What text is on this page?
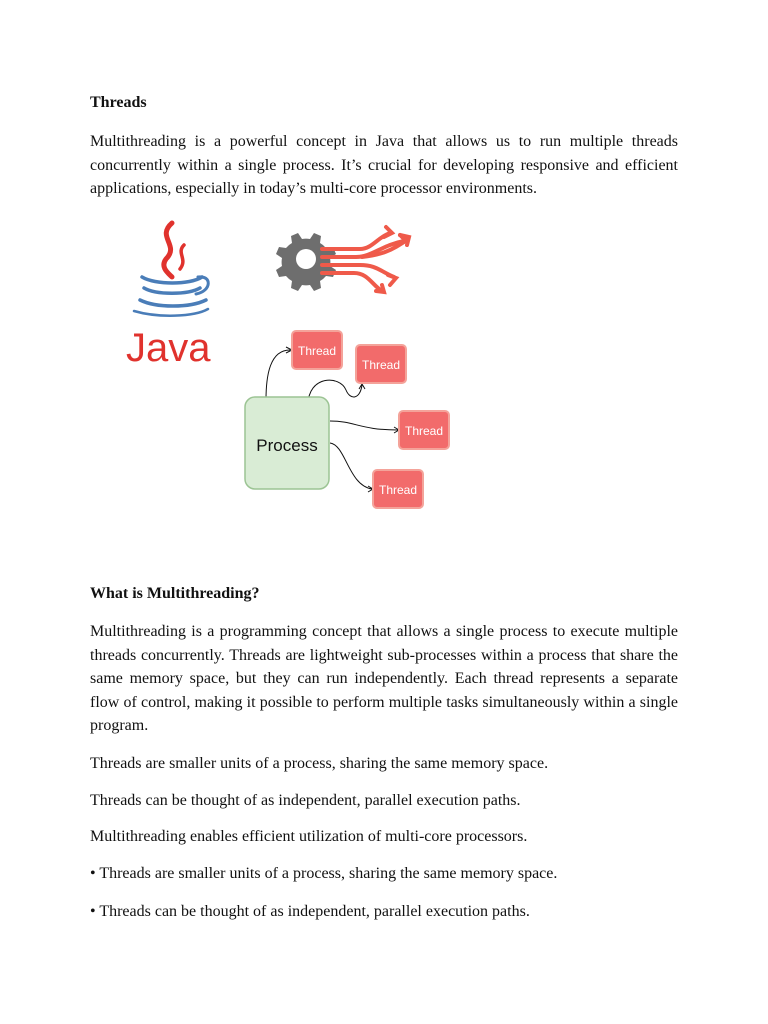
Threads

Multithreading is a powerful concept in Java that allows us to run multiple threads concurrently within a single process. It’s crucial for developing responsive and efficient applications, especially in today’s multi-core processor environments.

Java
Process
Thread
Thread
Thread
Thread
What is Multithreading?

Multithreading is a programming concept that allows a single process to execute multiple threads concurrently. Threads are lightweight sub-processes within a process that share the same memory space, but they can run independently. Each thread represents a separate flow of control, making it possible to perform multiple tasks simultaneously within a single program.

Threads are smaller units of a process, sharing the same memory space.

Threads can be thought of as independent, parallel execution paths.

Multithreading enables efficient utilization of multi-core processors.

• Threads are smaller units of a process, sharing the same memory space.

• Threads can be thought of as independent, parallel execution paths.
